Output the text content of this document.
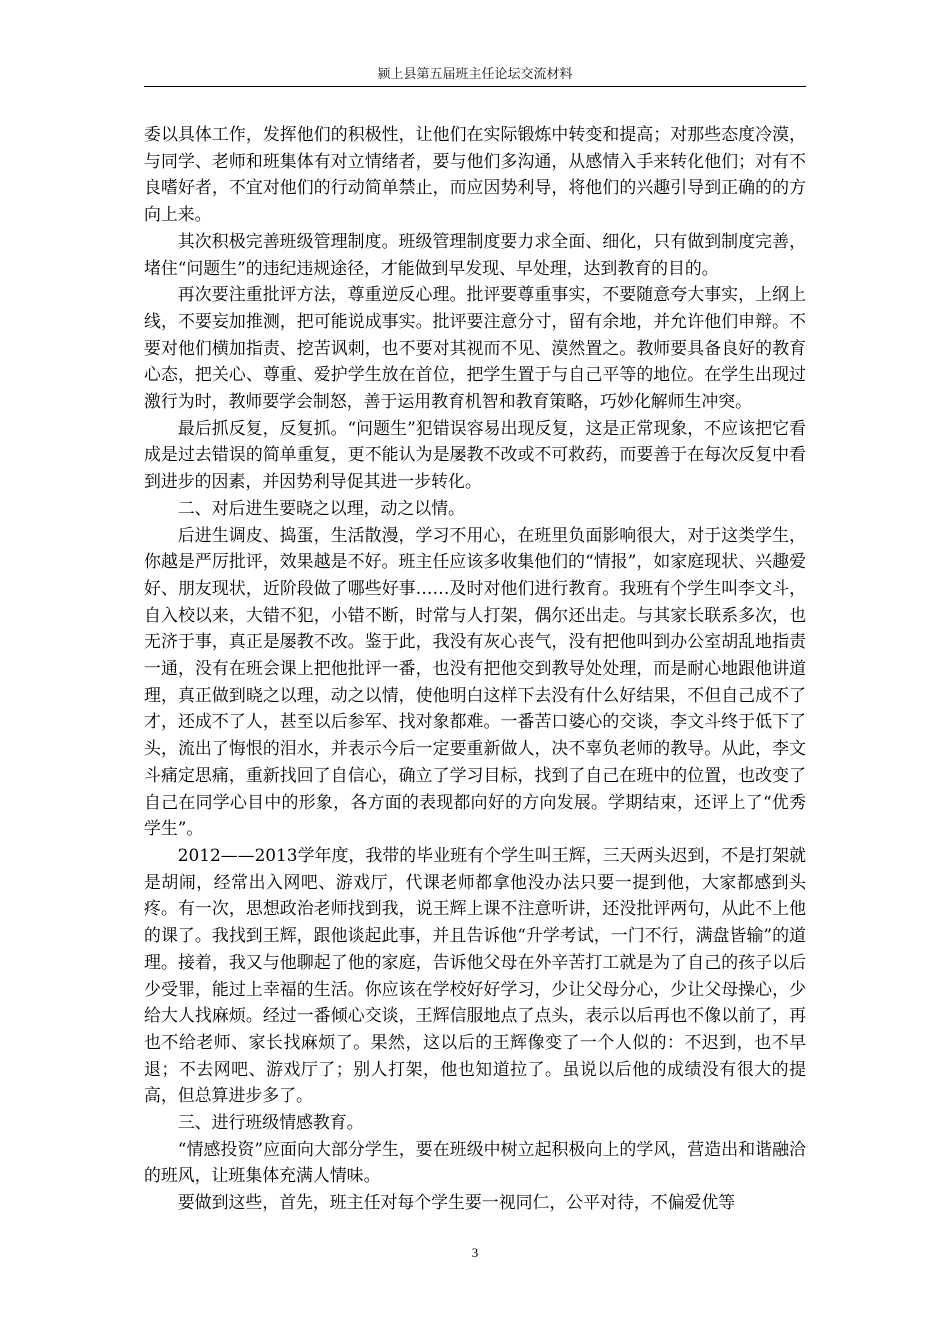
颍上县第五届班主任论坛交流材料

委以具体工作，发挥他们的积极性，让他们在实际锻炼中转变和提高；对那些态度冷漠，与同学、老师和班集体有对立情绪者，要与他们多沟通，从感情入手来转化他们；对有不良嗜好者，不宜对他们的行动简单禁止，而应因势利导，将他们的兴趣引导到正确的的方向上来。

其次积极完善班级管理制度。班级管理制度要力求全面、细化，只有做到制度完善，堵住“问题生”的违纪违规途径，才能做到早发现、早处理，达到教育的目的。

再次要注重批评方法，尊重逆反心理。批评要尊重事实，不要随意夸大事实，上纲上线，不要妄加推测，把可能说成事实。批评要注意分寸，留有余地，并允许他们申辩。不要对他们横加指责、挖苦讽刺，也不要对其视而不见、漠然置之。教师要具备良好的教育心态，把关心、尊重、爱护学生放在首位，把学生置于与自己平等的地位。在学生出现过激行为时，教师要学会制怒，善于运用教育机智和教育策略，巧妙化解师生冲突。

最后抓反复，反复抓。“问题生”犯错误容易出现反复，这是正常现象，不应该把它看成是过去错误的简单重复，更不能认为是屡教不改或不可救药，而要善于在每次反复中看到进步的因素，并因势利导促其进一步转化。

二、对后进生要晓之以理，动之以情。

后进生调皮、捣蛋，生活散漫，学习不用心，在班里负面影响很大，对于这类学生，你越是严厉批评，效果越是不好。班主任应该多收集他们的“情报”，如家庭现状、兴趣爱好、朋友现状，近阶段做了哪些好事……及时对他们进行教育。我班有个学生叫李文斗，自入校以来，大错不犯，小错不断，时常与人打架，偶尔还出走。与其家长联系多次，也无济于事，真正是屡教不改。鉴于此，我没有灰心丧气，没有把他叫到办公室胡乱地指责一通，没有在班会课上把他批评一番，也没有把他交到教导处处理，而是耐心地跟他讲道理，真正做到晓之以理，动之以情，使他明白这样下去没有什么好结果，不但自己成不了才，还成不了人，甚至以后参军、找对象都难。一番苦口婆心的交谈，李文斗终于低下了头，流出了悔恨的泪水，并表示今后一定要重新做人，决不辜负老师的教导。从此，李文斗痛定思痛，重新找回了自信心，确立了学习目标，找到了自己在班中的位置，也改变了自己在同学心目中的形象，各方面的表现都向好的方向发展。学期结束，还评上了“优秀学生”。

2012——2013学年度，我带的毕业班有个学生叫王辉，三天两头迟到，不是打架就是胡闹，经常出入网吧、游戏厅，代课老师都拿他没办法只要一提到他，大家都感到头疼。有一次，思想政治老师找到我，说王辉上课不注意听讲，还没批评两句，从此不上他的课了。我找到王辉，跟他谈起此事，并且告诉他“升学考试，一门不行，满盘皆输”的道理。接着，我又与他聊起了他的家庭，告诉他父母在外辛苦打工就是为了自己的孩子以后少受罪，能过上幸福的生活。你应该在学校好好学习，少让父母分心，少让父母操心，少给大人找麻烦。经过一番倾心交谈，王辉信服地点了点头，表示以后再也不像以前了，再也不给老师、家长找麻烦了。果然，这以后的王辉像变了一个人似的：不迟到，也不早退；不去网吧、游戏厅了；别人打架，他也知道拉了。虽说以后他的成绩没有很大的提高，但总算进步多了。

三、进行班级情感教育。

“情感投资”应面向大部分学生，要在班级中树立起积极向上的学风，营造出和谐融洽的班风，让班集体充满人情味。

要做到这些，首先，班主任对每个学生要一视同仁，公平对待，不偏爱优等

3
